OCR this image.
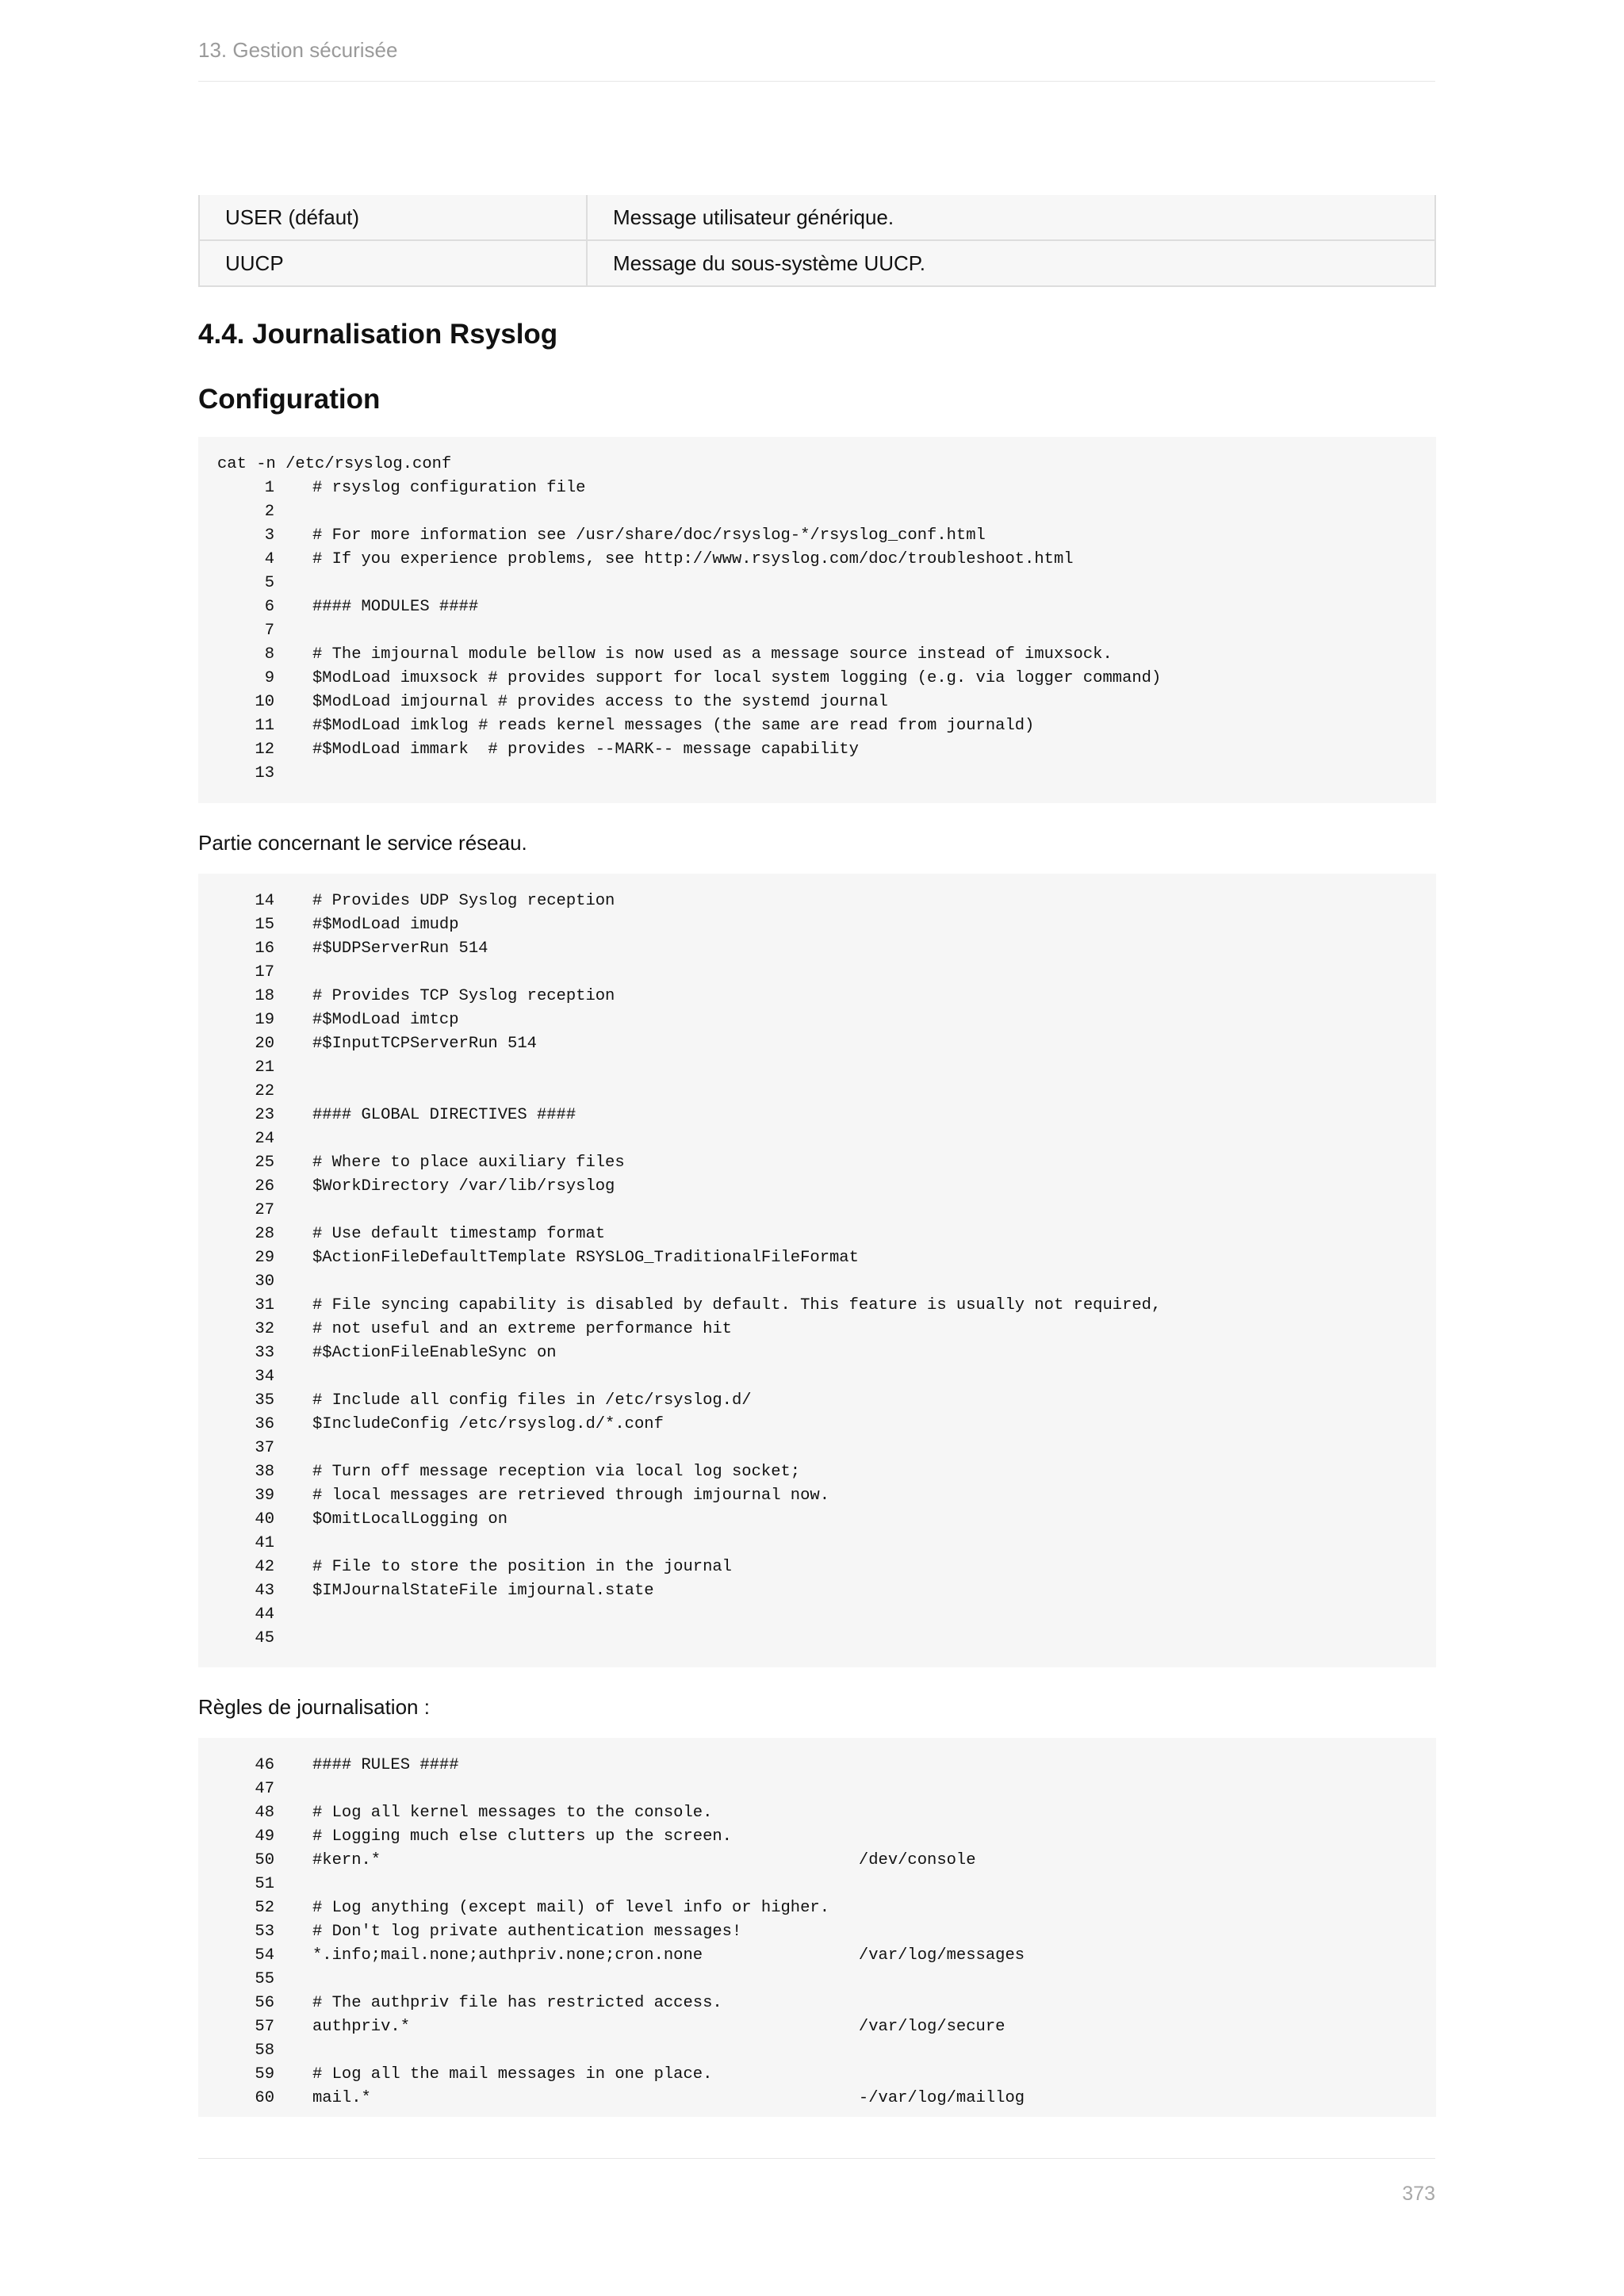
13. Gestion sécurisée
USER (défaut)	Message utilisateur générique.
UUCP	Message du sous-système UUCP.
4.4. Journalisation Rsyslog
Configuration
cat -n /etc/rsyslog.conf
1 # rsyslog configuration file
2
3 # For more information see /usr/share/doc/rsyslog-*/rsyslog_conf.html
4 # If you experience problems, see http://www.rsyslog.com/doc/troubleshoot.html
5
6 #### MODULES ####
7
8 # The imjournal module bellow is now used as a message source instead of imuxsock.
9 $ModLoad imuxsock # provides support for local system logging (e.g. via logger command)
10 $ModLoad imjournal # provides access to the systemd journal
11 #$ModLoad imklog # reads kernel messages (the same are read from journald)
12 #$ModLoad immark  # provides --MARK-- message capability
13

Partie concernant le service réseau.

14 # Provides UDP Syslog reception
15 #$ModLoad imudp
16 #$UDPServerRun 514
17
18 # Provides TCP Syslog reception
19 #$ModLoad imtcp
20 #$InputTCPServerRun 514
21
22
23 #### GLOBAL DIRECTIVES ####
24
25 # Where to place auxiliary files
26 $WorkDirectory /var/lib/rsyslog
27
28 # Use default timestamp format
29 $ActionFileDefaultTemplate RSYSLOG_TraditionalFileFormat
30
31 # File syncing capability is disabled by default. This feature is usually not required,
32 # not useful and an extreme performance hit
33 #$ActionFileEnableSync on
34
35 # Include all config files in /etc/rsyslog.d/
36 $IncludeConfig /etc/rsyslog.d/*.conf
37
38 # Turn off message reception via local log socket;
39 # local messages are retrieved through imjournal now.
40 $OmitLocalLogging on
41
42 # File to store the position in the journal
43 $IMJournalStateFile imjournal.state
44
45

Règles de journalisation :

46 #### RULES ####
47
48 # Log all kernel messages to the console.
49 # Logging much else clutters up the screen.
50 #kern.*                                                 /dev/console
51
52 # Log anything (except mail) of level info or higher.
53 # Don't log private authentication messages!
54 *.info;mail.none;authpriv.none;cron.none                /var/log/messages
55
56 # The authpriv file has restricted access.
57 authpriv.*                                              /var/log/secure
58
59 # Log all the mail messages in one place.
60 mail.*                                                  -/var/log/maillog
373
